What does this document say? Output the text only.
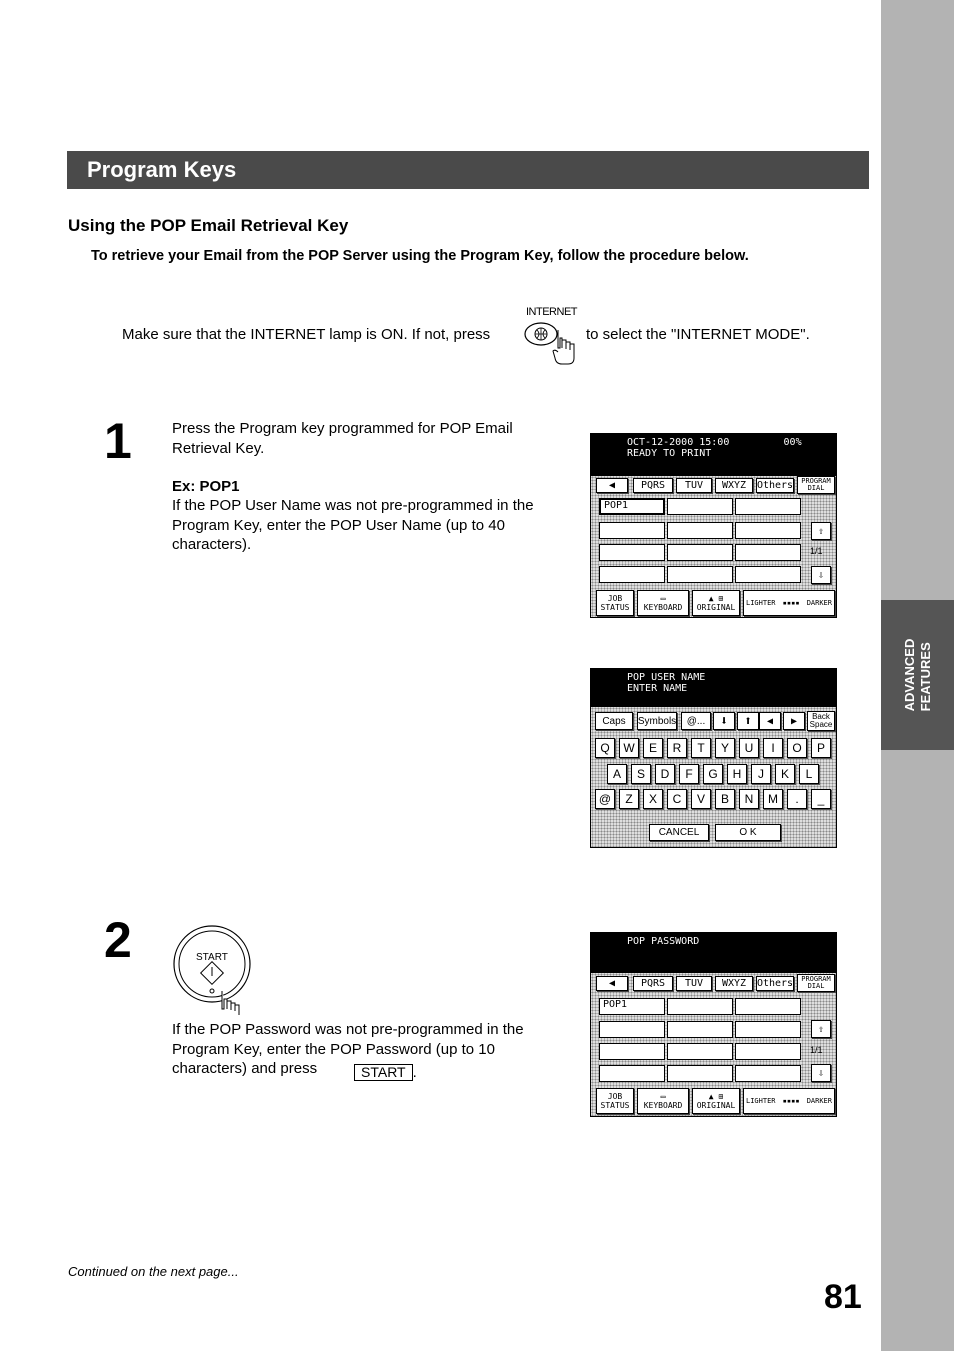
ADVANCED FEATURES
Program Keys
Using the POP Email Retrieval Key
To retrieve your Email from the POP Server using the Program Key, follow the procedure below.
Make sure that the INTERNET lamp is ON. If not, press
INTERNET
to select the "INTERNET MODE".
1	Press the Program key programmed for POP Email Retrieval Key.
Ex: POP1
If the POP User Name was not pre-programmed in the Program Key, enter the POP User Name (up to 40 characters).
OCT-12-2000 15:00         00%
READY TO PRINT
◀	PQRS	TUV	WXYZ	Others	PROGRAM DIAL
POP1
⇧
1/1
⇩
JOB
STATUS
▭
KEYBOARD
▲ ⊞
ORIGINAL
LIGHTER ▪▪▪▪ DARKER
POP USER NAME
ENTER NAME
Caps	Symbols	@...	⬇	⬆	◀	▶	Back Space
Q	W	E	R	T	Y	U	I	O	P
A	S	D	F	G	H	J	K	L
@	Z	X	C	V	B	N	M	.	_
CANCEL	O K
2	START
If the POP Password was not pre-programmed in the Program Key, enter the POP Password (up to 10 characters) and press	START .
POP PASSWORD
◀	PQRS	TUV	WXYZ	Others	PROGRAM DIAL
POP1
⇧
1/1
⇩
JOB
STATUS
▭
KEYBOARD
▲ ⊞
ORIGINAL
LIGHTER ▪▪▪▪ DARKER
Continued on the next page...
81
